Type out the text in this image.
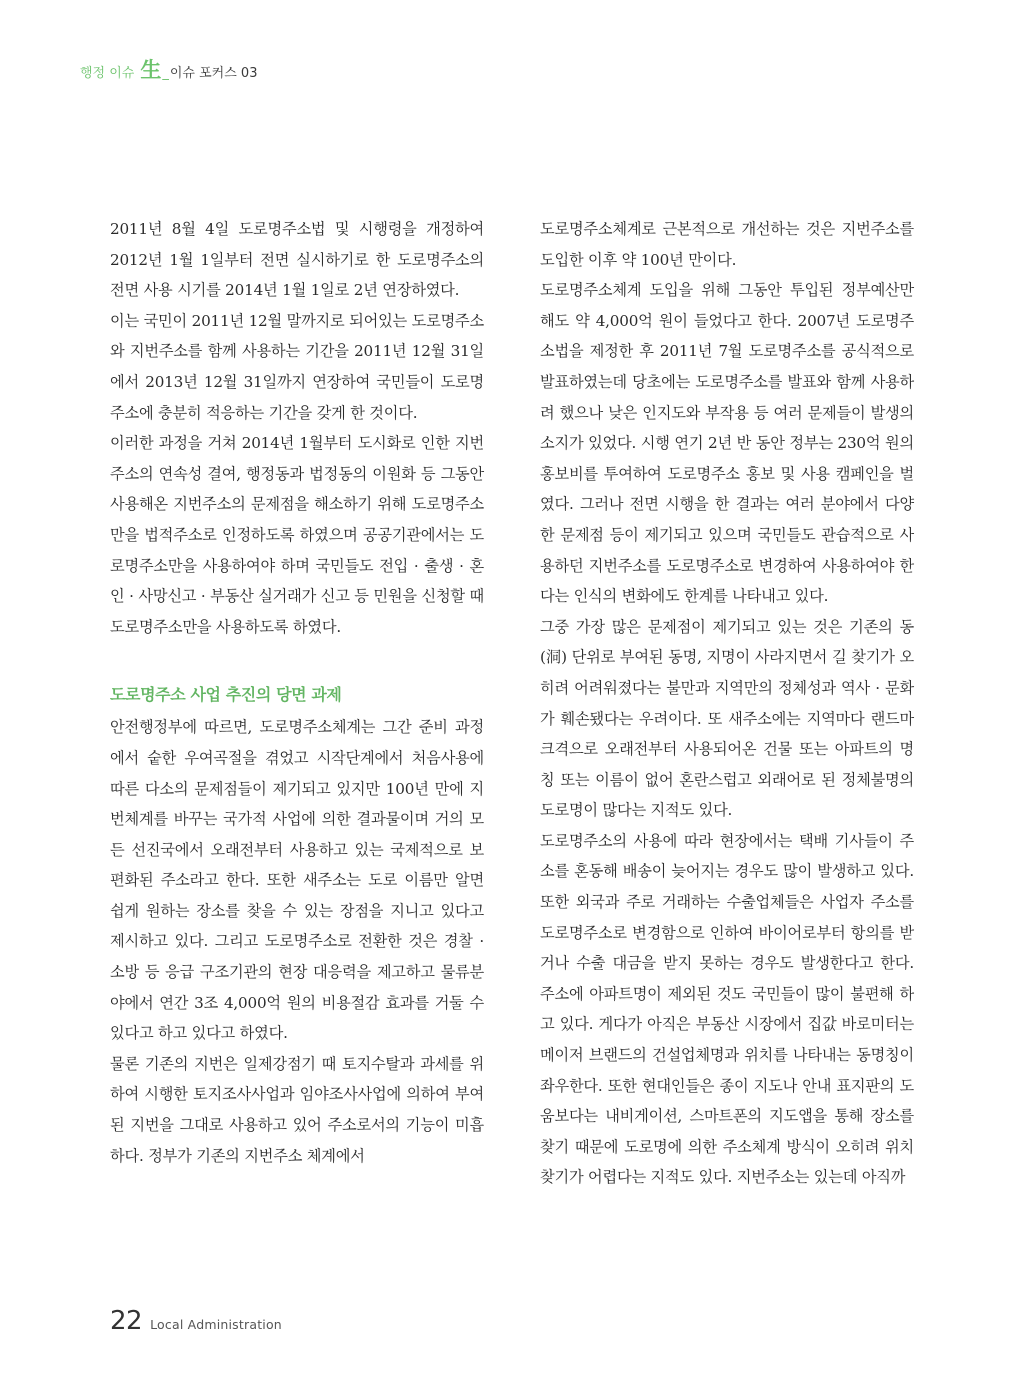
행정 이슈 生 _ 이슈 포커스 03

2011년 8월 4일 도로명주소법 및 시행령을 개정하여 2012년 1월 1일부터 전면 실시하기로 한 도로명주소의 전면 사용 시기를 2014년 1월 1일로 2년 연장하였다.

이는 국민이 2011년 12월 말까지로 되어있는 도로명주소와 지번주소를 함께 사용하는 기간을 2011년 12월 31일에서 2013년 12월 31일까지 연장하여 국민들이 도로명주소에 충분히 적응하는 기간을 갖게 한 것이다.

이러한 과정을 거쳐 2014년 1월부터 도시화로 인한 지번주소의 연속성 결여, 행정동과 법정동의 이원화 등 그동안 사용해온 지번주소의 문제점을 해소하기 위해 도로명주소만을 법적주소로 인정하도록 하였으며 공공기관에서는 도로명주소만을 사용하여야 하며 국민들도 전입 · 출생 · 혼인 · 사망신고 · 부동산 실거래가 신고 등 민원을 신청할 때 도로명주소만을 사용하도록 하였다.

도로명주소 사업 추진의 당면 과제

안전행정부에 따르면, 도로명주소체계는 그간 준비 과정에서 숱한 우여곡절을 겪었고 시작단계에서 처음사용에 따른 다소의 문제점들이 제기되고 있지만 100년 만에 지번체계를 바꾸는 국가적 사업에 의한 결과물이며 거의 모든 선진국에서 오래전부터 사용하고 있는 국제적으로 보편화된 주소라고 한다. 또한 새주소는 도로 이름만 알면 쉽게 원하는 장소를 찾을 수 있는 장점을 지니고 있다고 제시하고 있다. 그리고 도로명주소로 전환한 것은 경찰 · 소방 등 응급 구조기관의 현장 대응력을 제고하고 물류분야에서 연간 3조 4,000억 원의 비용절감 효과를 거둘 수 있다고 하고 있다고 하였다.

물론 기존의 지번은 일제강점기 때 토지수탈과 과세를 위하여 시행한 토지조사사업과 임야조사사업에 의하여 부여된 지번을 그대로 사용하고 있어 주소로서의 기능이 미흡하다. 정부가 기존의 지번주소 체계에서

도로명주소체계로 근본적으로 개선하는 것은 지번주소를 도입한 이후 약 100년 만이다.

도로명주소체계 도입을 위해 그동안 투입된 정부예산만 해도 약 4,000억 원이 들었다고 한다. 2007년 도로명주소법을 제정한 후 2011년 7월 도로명주소를 공식적으로 발표하였는데 당초에는 도로명주소를 발표와 함께 사용하려 했으나 낮은 인지도와 부작용 등 여러 문제들이 발생의 소지가 있었다. 시행 연기 2년 반 동안 정부는 230억 원의 홍보비를 투여하여 도로명주소 홍보 및 사용 캠페인을 벌였다. 그러나 전면 시행을 한 결과는 여러 분야에서 다양한 문제점 등이 제기되고 있으며 국민들도 관습적으로 사용하던 지번주소를 도로명주소로 변경하여 사용하여야 한다는 인식의 변화에도 한계를 나타내고 있다.

그중 가장 많은 문제점이 제기되고 있는 것은 기존의 동(洞) 단위로 부여된 동명, 지명이 사라지면서 길 찾기가 오히려 어려워졌다는 불만과 지역만의 정체성과 역사 · 문화가 훼손됐다는 우려이다. 또 새주소에는 지역마다 랜드마크격으로 오래전부터 사용되어온 건물 또는 아파트의 명칭 또는 이름이 없어 혼란스럽고 외래어로 된 정체불명의 도로명이 많다는 지적도 있다.

도로명주소의 사용에 따라 현장에서는 택배 기사들이 주소를 혼동해 배송이 늦어지는 경우도 많이 발생하고 있다. 또한 외국과 주로 거래하는 수출업체들은 사업자 주소를 도로명주소로 변경함으로 인하여 바이어로부터 항의를 받거나 수출 대금을 받지 못하는 경우도 발생한다고 한다. 주소에 아파트명이 제외된 것도 국민들이 많이 불편해 하고 있다. 게다가 아직은 부동산 시장에서 집값 바로미터는 메이저 브랜드의 건설업체명과 위치를 나타내는 동명칭이 좌우한다. 또한 현대인들은 종이 지도나 안내 표지판의 도움보다는 내비게이션, 스마트폰의 지도앱을 통해 장소를 찾기 때문에 도로명에 의한 주소체계 방식이 오히려 위치 찾기가 어렵다는 지적도 있다. 지번주소는 있는데 아직까

22 Local Administration
